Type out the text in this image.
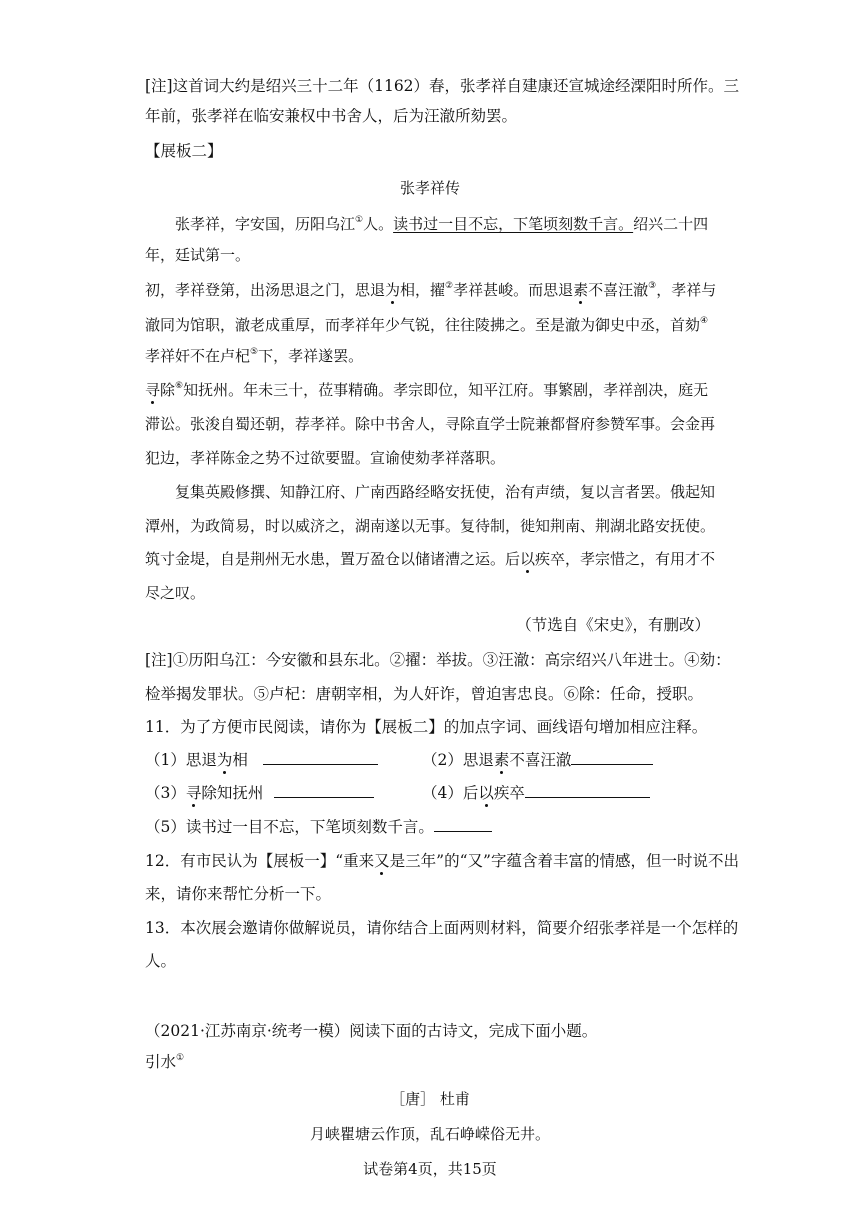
[注]这首词大约是绍兴三十二年（1162）春，张孝祥自建康还宣城途经溧阳时所作。三
年前，张孝祥在临安兼权中书舍人，后为汪澈所劾罢。
【展板二】
张孝祥传
张孝祥，字安国，历阳乌江①人。读书过一目不忘，下笔顷刻数千言。绍兴二十四
年，廷试第一。
初，孝祥登第，出汤思退之门，思退为相，擢②孝祥甚峻。而思退素不喜汪澈③，孝祥与
澈同为馆职，澈老成重厚，而孝祥年少气锐，往往陵拂之。至是澈为御史中丞，首劾④
孝祥奸不在卢杞⑤下，孝祥遂罢。
寻除⑥知抚州。年未三十，莅事精确。孝宗即位，知平江府。事繁剧，孝祥剖决，庭无
滞讼。张浚自蜀还朝，荐孝祥。除中书舍人，寻除直学士院兼都督府参赞军事。会金再
犯边，孝祥陈金之势不过欲要盟。宣谕使劾孝祥落职。
复集英殿修撰、知静江府、广南西路经略安抚使，治有声绩，复以言者罢。俄起知
潭州，为政简易，时以威济之，湖南遂以无事。复待制，徙知荆南、荆湖北路安抚使。
筑寸金堤，自是荆州无水患，置万盈仓以储诸漕之运。后以疾卒，孝宗惜之，有用才不
尽之叹。
（节选自《宋史》，有删改）
[注]①历阳乌江：今安徽和县东北。②擢：举拔。③汪澈：高宗绍兴八年进士。④劾：
检举揭发罪状。⑤卢杞：唐朝宰相，为人奸诈，曾迫害忠良。⑥除：任命，授职。
11．为了方便市民阅读，请你为【展板二】的加点字词、画线语句增加相应注释。
（1）思退为相	（2）思退素不喜汪澈
（3）寻除知抚州	（4）后以疾卒
（5）读书过一目不忘，下笔顷刻数千言。
12．有市民认为【展板一】“重来又是三年”的“又”字蕴含着丰富的情感，但一时说不出
来，请你来帮忙分析一下。
13．本次展会邀请你做解说员，请你结合上面两则材料，简要介绍张孝祥是一个怎样的
人。
（2021·江苏南京·统考一模）阅读下面的古诗文，完成下面小题。
引水①
［唐］ 杜甫
月峡瞿塘云作顶，乱石峥嵘俗无井。
试卷第4页，共15页
